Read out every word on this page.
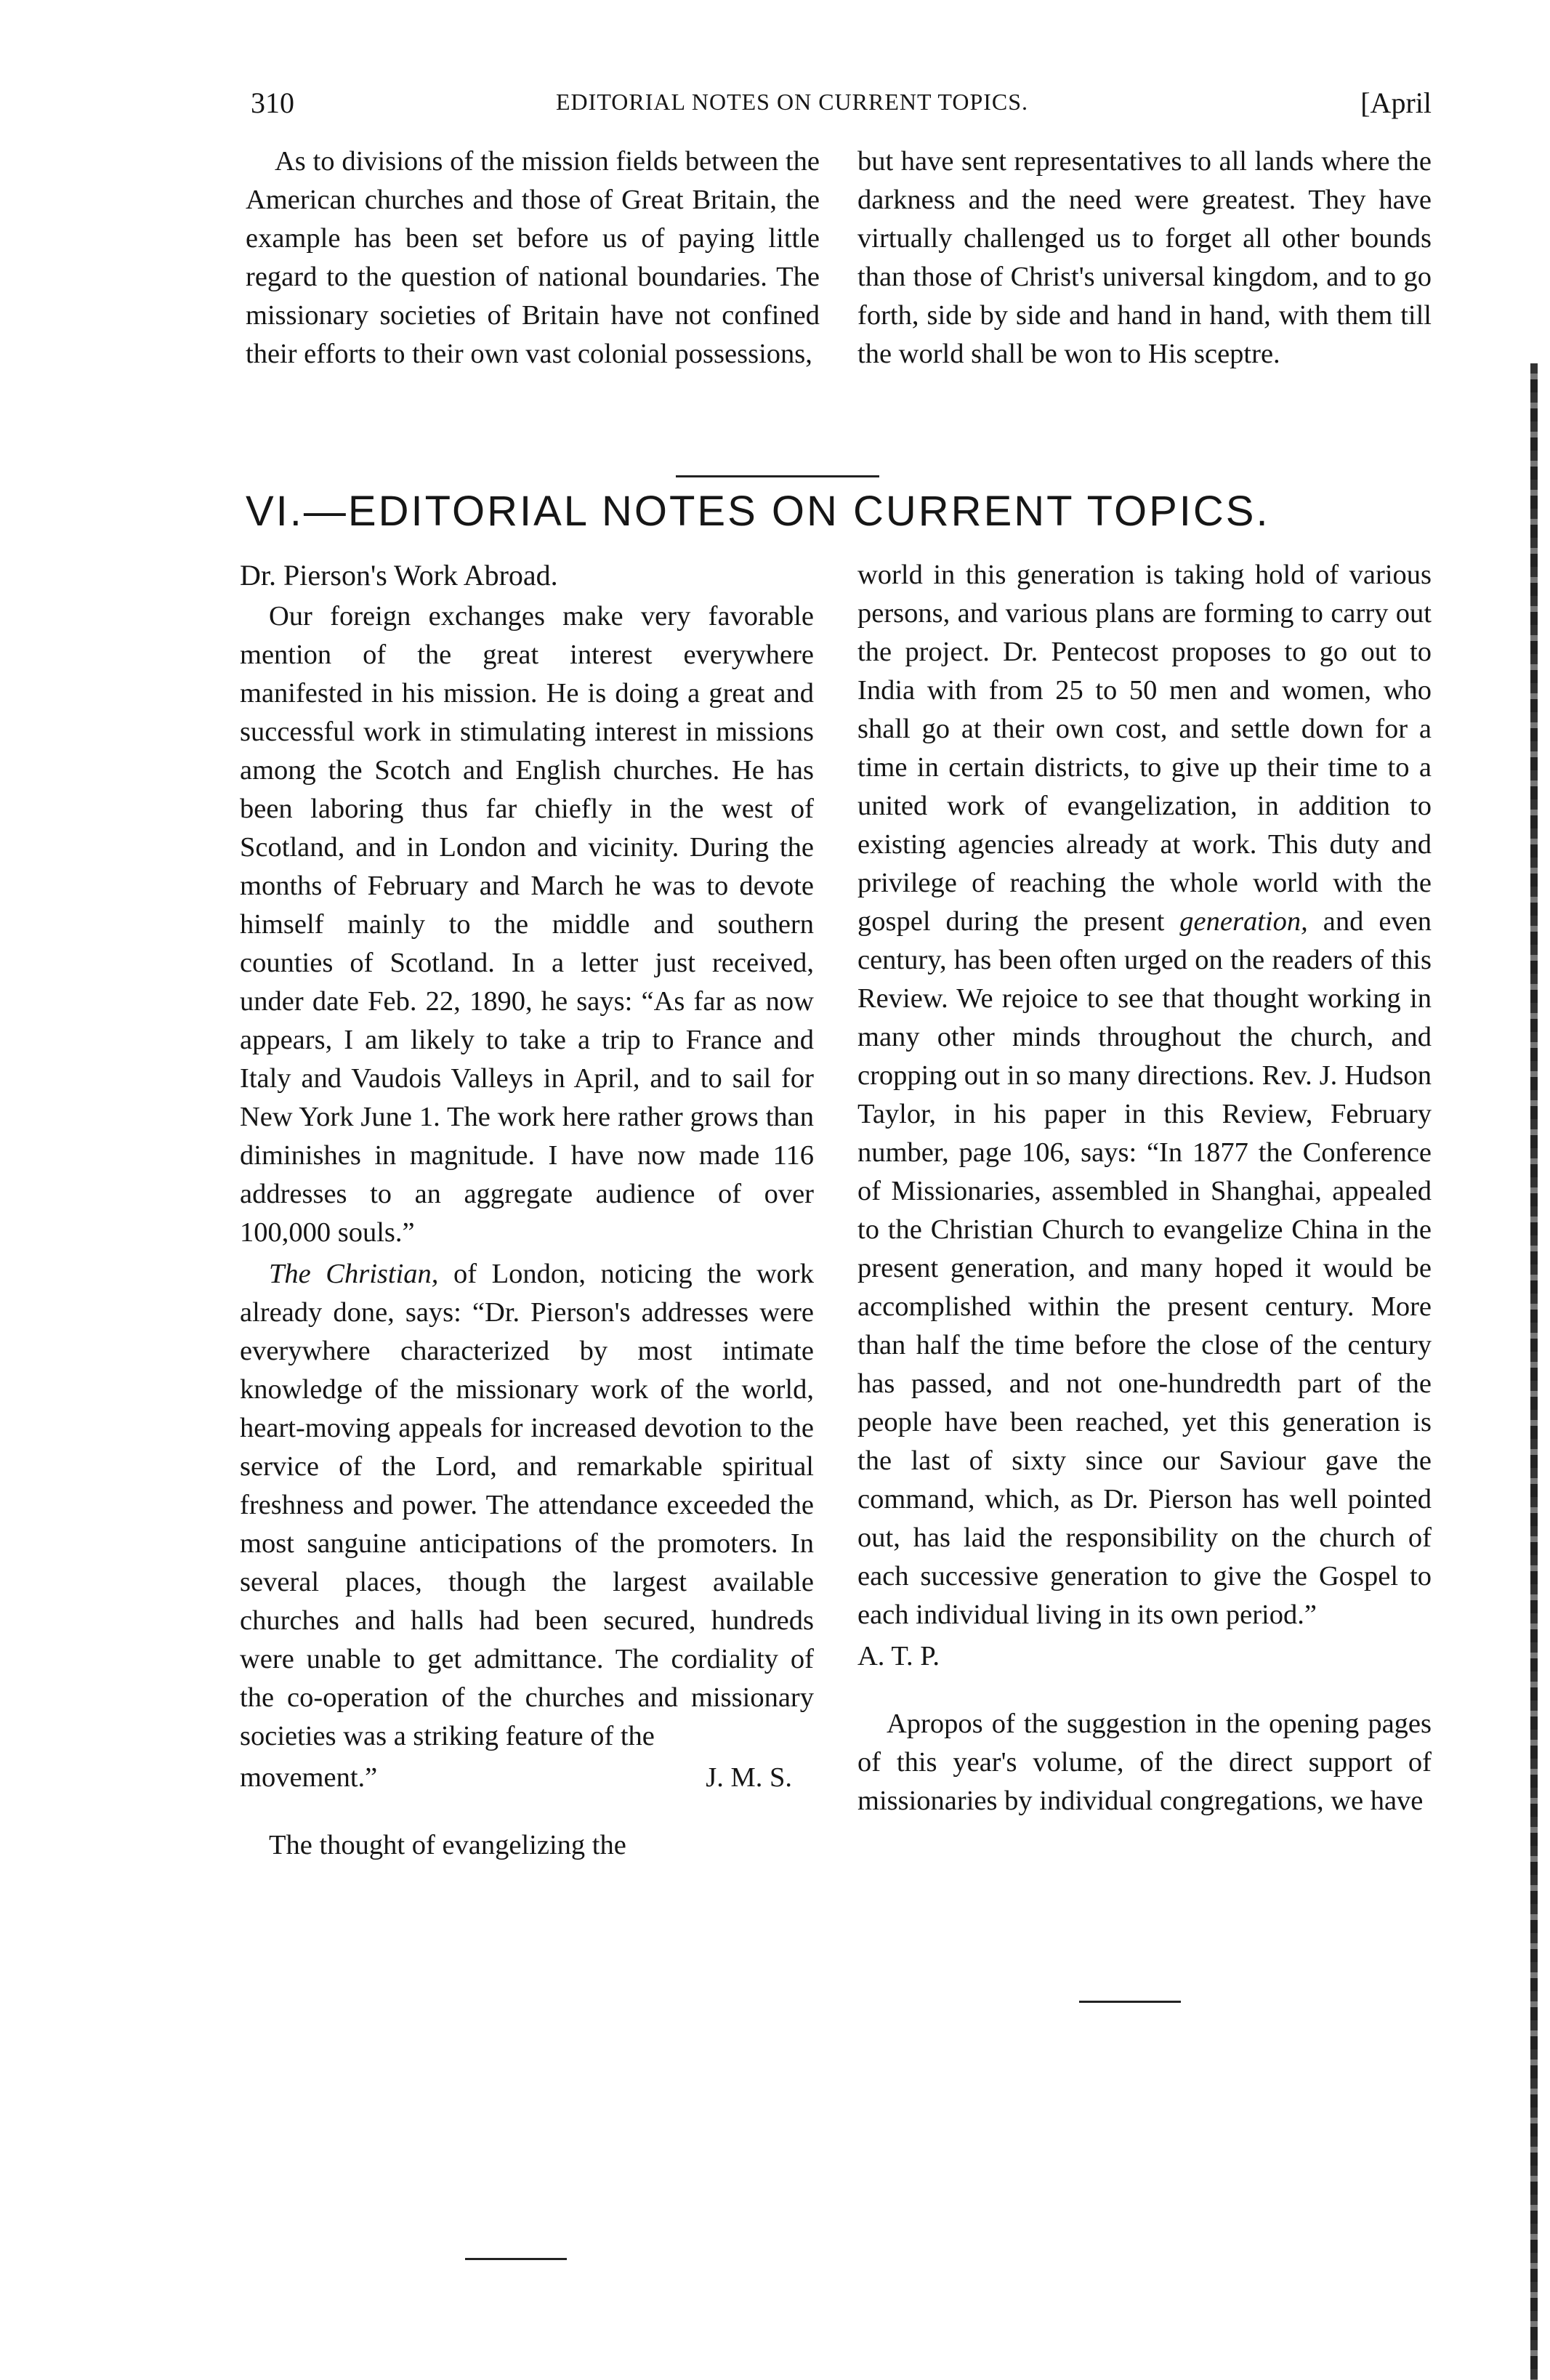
310	EDITORIAL NOTES ON CURRENT TOPICS.	[April

As to divisions of the mission fields between the American churches and those of Great Britain, the example has been set before us of paying little regard to the question of national boundaries. The missionary societies of Britain have not confined their efforts to their own vast colonial possessions,

but have sent representatives to all lands where the darkness and the need were greatest. They have virtually challenged us to forget all other bounds than those of Christ's universal kingdom, and to go forth, side by side and hand in hand, with them till the world shall be won to His sceptre.

VI.—EDITORIAL NOTES ON CURRENT TOPICS.

Dr. Pierson's Work Abroad.

Our foreign exchanges make very favorable mention of the great interest everywhere manifested in his mission. He is doing a great and successful work in stimulating interest in missions among the Scotch and English churches. He has been laboring thus far chiefly in the west of Scotland, and in London and vicinity. During the months of February and March he was to devote himself mainly to the middle and southern counties of Scotland. In a letter just received, under date Feb. 22, 1890, he says: “As far as now appears, I am likely to take a trip to France and Italy and Vaudois Valleys in April, and to sail for New York June 1. The work here rather grows than diminishes in magnitude. I have now made 116 addresses to an aggregate audience of over 100,000 souls.”

The Christian, of London, noticing the work already done, says: “Dr. Pierson's addresses were everywhere characterized by most intimate knowledge of the missionary work of the world, heart-moving appeals for increased devotion to the service of the Lord, and remarkable spiritual freshness and power. The attendance exceeded the most sanguine anticipations of the promoters. In several places, though the largest available churches and halls had been secured, hundreds were unable to get admittance. The cordiality of the co-operation of the churches and missionary societies was a striking feature of the

movement.”	J. M. S.

The thought of evangelizing the

world in this generation is taking hold of various persons, and various plans are forming to carry out the project. Dr. Pentecost proposes to go out to India with from 25 to 50 men and women, who shall go at their own cost, and settle down for a time in certain districts, to give up their time to a united work of evangelization, in addition to existing agencies already at work. This duty and privilege of reaching the whole world with the gospel during the present generation, and even century, has been often urged on the readers of this Review. We rejoice to see that thought working in many other minds throughout the church, and cropping out in so many directions. Rev. J. Hudson Taylor, in his paper in this Review, February number, page 106, says: “In 1877 the Conference of Missionaries, assembled in Shanghai, appealed to the Christian Church to evangelize China in the present generation, and many hoped it would be accomplished within the present century. More than half the time before the close of the century has passed, and not one-hundredth part of the people have been reached, yet this generation is the last of sixty since our Saviour gave the command, which, as Dr. Pierson has well pointed out, has laid the responsibility on the church of each successive generation to give the Gospel to each individual living in its own period.”

A. T. P.

Apropos of the suggestion in the opening pages of this year's volume, of the direct support of missionaries by individual congregations, we have
